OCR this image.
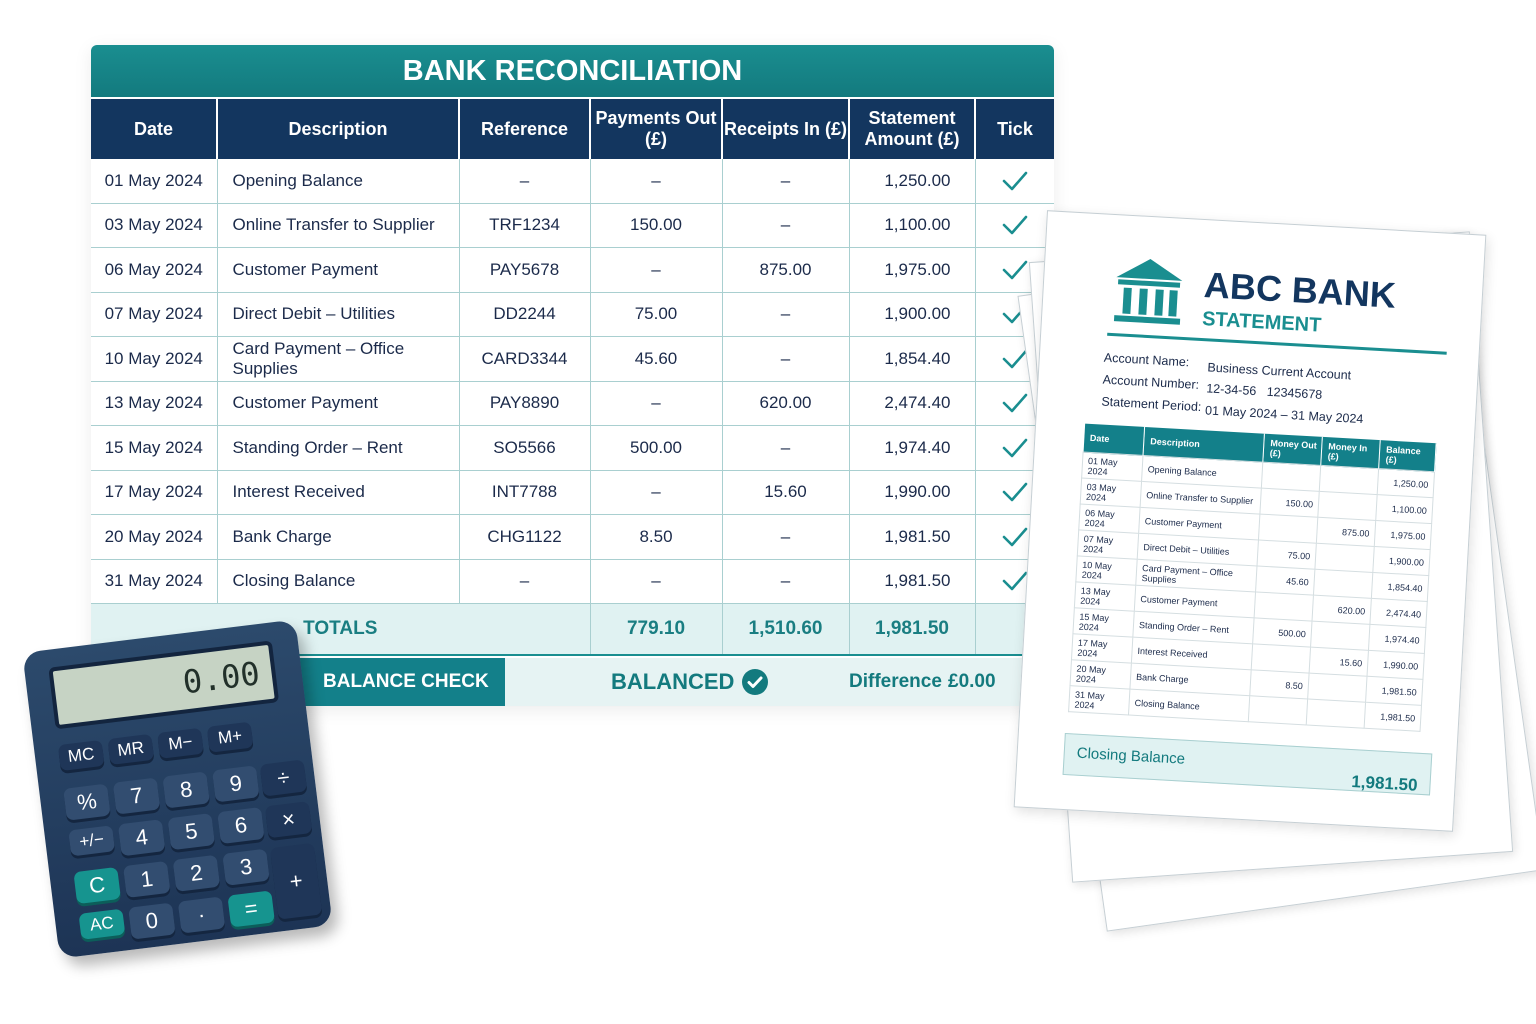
BANK RECONCILIATION
Date	Description	Reference	Payments Out (£)	Receipts In (£)	Statement Amount (£)	Tick
01 May 2024	Opening Balance	–	–	–	1,250.00	

03 May 2024	Online Transfer to Supplier	TRF1234	150.00	–	1,100.00	

06 May 2024	Customer Payment	PAY5678	–	875.00	1,975.00	

07 May 2024	Direct Debit – Utilities	DD2244	75.00	–	1,900.00	

10 May 2024	Card Payment – Office Supplies	CARD3344	45.60	–	1,854.40	

13 May 2024	Customer Payment	PAY8890	–	620.00	2,474.40	

15 May 2024	Standing Order – Rent	SO5566	500.00	–	1,974.40	

17 May 2024	Interest Received	INT7788	–	15.60	1,990.00	

20 May 2024	Bank Charge	CHG1122	8.50	–	1,981.50	

31 May 2024	Closing Balance	–	–	–	1,981.50	

TOTALS			779.10	1,510.60	1,981.50	
BALANCE CHECK	BALANCED	Difference £0.00
0.00
MC	MR	M−	M+
%	7	8	9	÷
+/−	4	5	6	×
C	1	2	3
+
AC	0	·	=
ABC BANK
STATEMENT
Account Name:
Business Current Account
Account Number: 12-34-56   12345678
Statement Period: 01 May 2024 – 31 May 2024
Date	Description	Money Out (£)	Money In (£)	Balance (£)
01 May 2024	Opening Balance			1,250.00
03 May 2024	Online Transfer to Supplier	150.00		1,100.00
06 May 2024	Customer Payment		875.00	1,975.00
07 May 2024	Direct Debit – Utilities	75.00		1,900.00
10 May 2024	Card Payment – Office Supplies	45.60		1,854.40
13 May 2024	Customer Payment		620.00	2,474.40
15 May 2024	Standing Order – Rent	500.00		1,974.40
17 May 2024	Interest Received		15.60	1,990.00
20 May 2024	Bank Charge	8.50		1,981.50
31 May 2024	Closing Balance			1,981.50
Closing Balance
1,981.50
